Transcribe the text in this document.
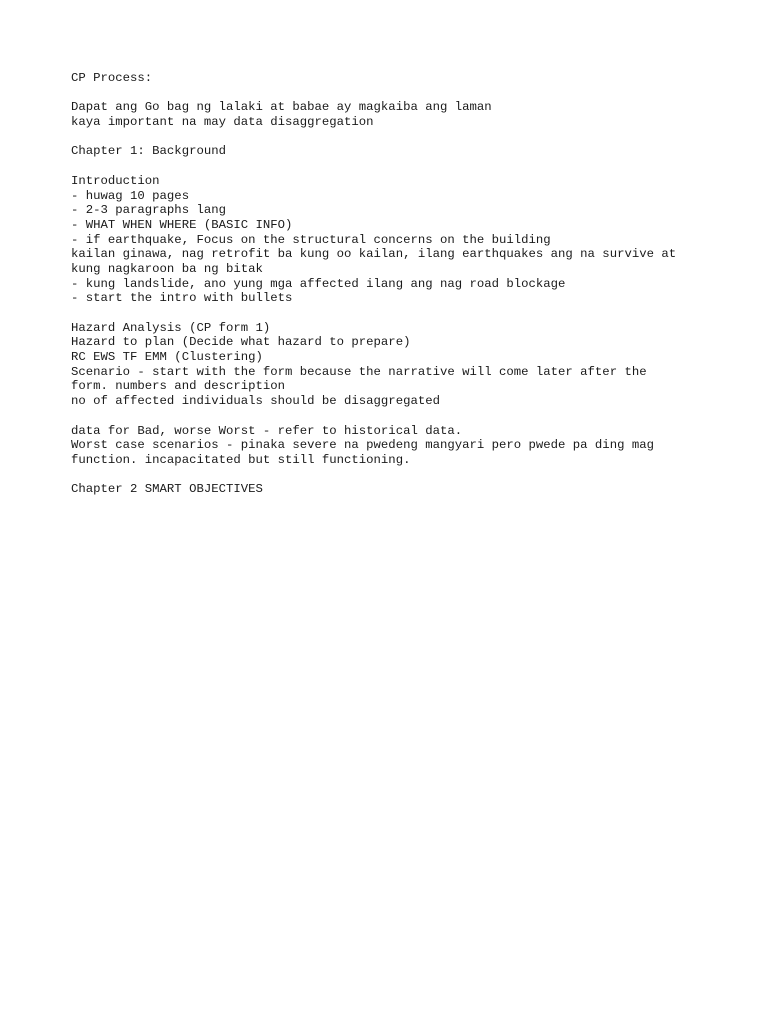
CP Process:
Dapat ang Go bag ng lalaki at babae ay magkaiba ang laman
kaya important na may data disaggregation
Chapter 1: Background
Introduction
- huwag 10 pages
- 2-3 paragraphs lang
- WHAT WHEN WHERE (BASIC INFO)
- if earthquake, Focus on the structural concerns on the building
kailan ginawa, nag retrofit ba kung oo kailan, ilang earthquakes ang na survive at
kung nagkaroon ba ng bitak
- kung landslide, ano yung mga affected ilang ang nag road blockage
- start the intro with bullets
Hazard Analysis (CP form 1)
Hazard to plan (Decide what hazard to prepare)
RC EWS TF EMM (Clustering)
Scenario - start with the form because the narrative will come later after the
form. numbers and description
no of affected individuals should be disaggregated
data for Bad, worse Worst - refer to historical data.
Worst case scenarios - pinaka severe na pwedeng mangyari pero pwede pa ding mag
function. incapacitated but still functioning.
Chapter 2 SMART OBJECTIVES
